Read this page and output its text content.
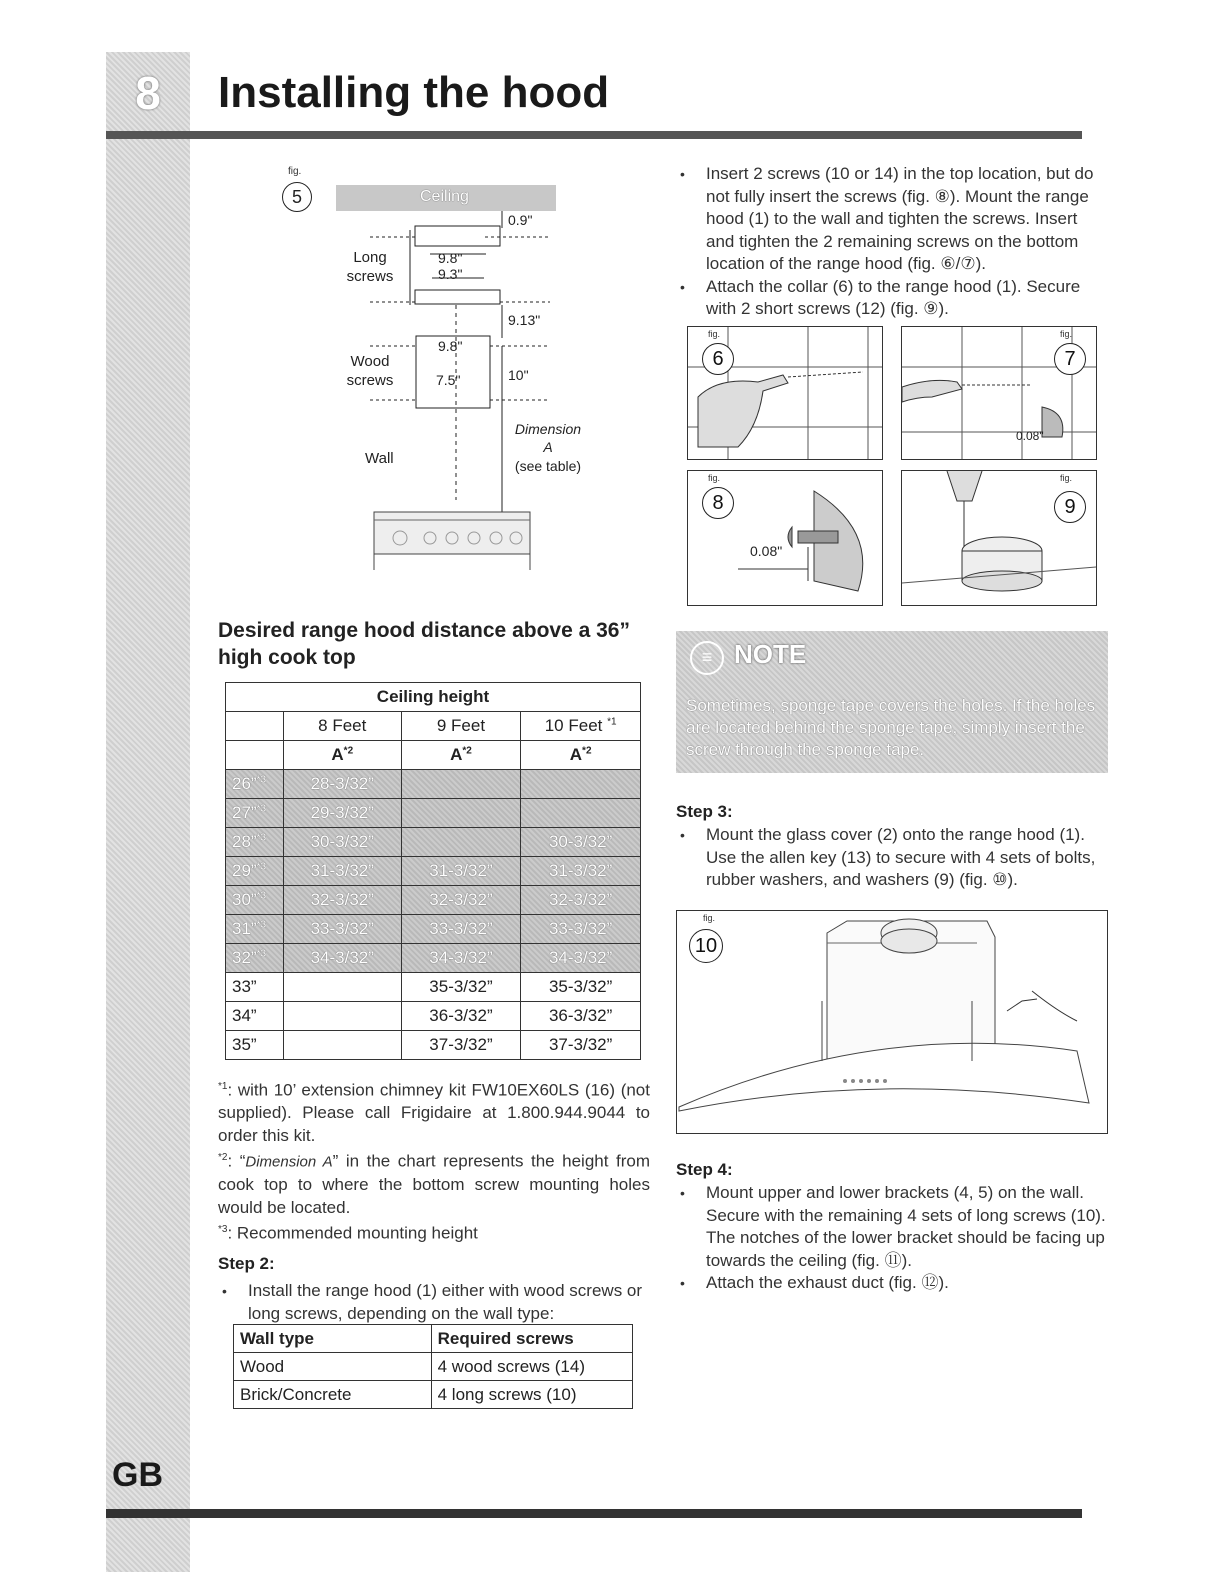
8	Installing the hood
fig.
5	Ceiling
0.9"
Long screws
9.8"
9.3"
9.13"
9.8"
Wood screws	7.5"	10"
Dimension
A
(see table)
Wall
Desired range hood distance above a 36” high cook top
Ceiling height			
	8 Feet	9 Feet	10 Feet $^{*1}$
	$A^{*2}$	$A^{*2}$	$A^{*2}$
26”$^{*3}$	28-3/32”		
27”$^{*3}$	29-3/32”		
28”$^{*3}$	30-3/32”		30-3/32”
29”$^{*3}$	31-3/32”	31-3/32”	31-3/32”
30”$^{*3}$	32-3/32”	32-3/32”	32-3/32”
31”$^{*3}$	33-3/32”	33-3/32”	33-3/32”
32”$^{*3}$	34-3/32”	34-3/32”	34-3/32”
33”		35-3/32”	35-3/32”
34”		36-3/32”	36-3/32”
35”		37-3/32”	37-3/32”

$^{*1}$: with 10’ extension chimney kit FW10EX60LS (16) (not supplied). Please call Frigidaire at 1.800.944.9044 to order this kit.

$^{*2}$: “Dimension A” in the chart represents the height from cook top to where the bottom screw mounting holes would be located.

$^{*3}$: Recommended mounting height

Step 2:

• Install the range hood (1) either with wood screws or long screws, depending on the wall type:
Wall type	Required screws
Wood	4 wood screws (14)
Brick/Concrete	4 long screws (10)
• Insert 2 screws (10 or 14) in the top location, but do not fully insert the screws (fig. ⑧). Mount the range hood (1) to the wall and tighten the screws. Insert and tighten the 2 remaining screws on the bottom location of the range hood (fig. ⑥/⑦).
• Attach the collar (6) to the range hood (1). Secure with 2 short screws (12) (fig. ⑨).
fig.
6
fig.
7
0.08"
fig.
8
0.08"
fig.
9
≡ NOTE
Sometimes, sponge tape covers the holes. If the holes are located behind the sponge tape, simply insert the screw through the sponge tape.

Step 3:

• Mount the glass cover (2) onto the range hood (1). Use the allen key (13) to secure with 4 sets of bolts, rubber washers, and washers (9) (fig. ⑩).
fig.
10

Step 4:

• Mount upper and lower brackets (4, 5) on the wall. Secure with the remaining 4 sets of long screws (10). The notches of the lower bracket should be facing up towards the ceiling (fig. ⑪).
• Attach the exhaust duct (fig. ⑫).
GB
